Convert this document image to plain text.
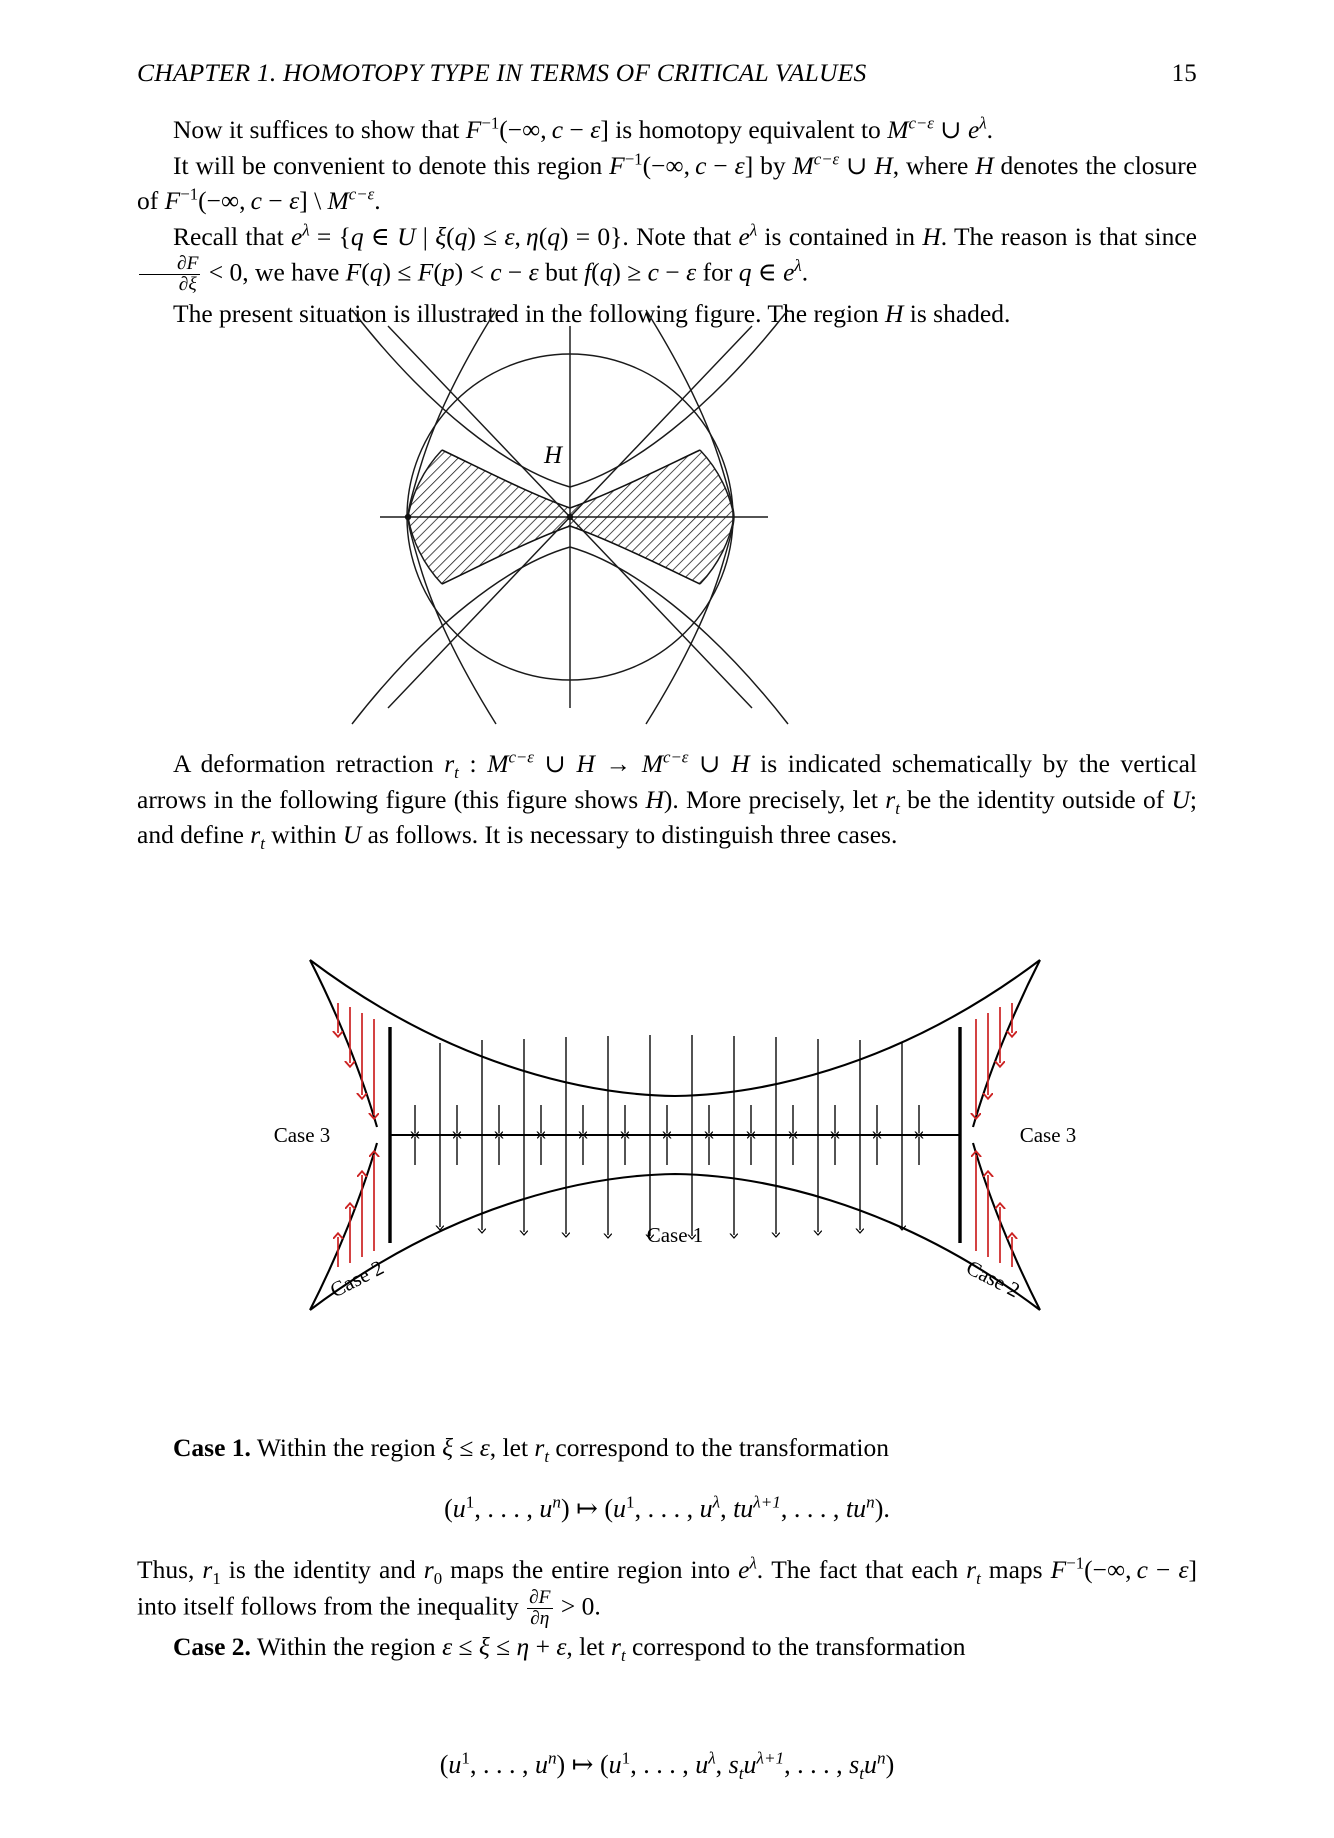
CHAPTER 1. HOMOTOPY TYPE IN TERMS OF CRITICAL VALUES	15

Now it suffices to show that $F^{-1}(-\infty$, c − ε] is homotopy equivalent to $M^{c-\varepsilon}$ ∪ $e^\lambda$.

It will be convenient to denote this region $F^{-1}(-\infty$, c − ε] by $M^{c-\varepsilon}$ ∪ H, where H denotes the closure of $F^{-1}(-\infty$, c − ε] \ $M^{c-\varepsilon}$.

Recall that $e^\lambda = \{q$ ∈ U | ξ(q) ≤ ε, η(q) = 0}. Note that $e^\lambda$ is contained in H. The reason is that since
$\frac{\partial F}{\partial\xi} < 0$, we have F(q) ≤ F(p) < c − ε but f(q) ≥ c − ε for q ∈ $e^\lambda$.

The present situation is illustrated in the following figure. The region H is shaded.

H

A deformation retraction $r_t$ : $M^{c-\varepsilon}$ ∪ $H \to M^{c-\varepsilon}$ ∪ H is indicated schematically by the vertical arrows in the following figure (this figure shows H). More precisely, let $r_t$ be the identity outside of U; and define $r_t$ within U as follows. It is necessary to distinguish three cases.

Case 3	Case 3
Case 1
Case 2	Case 2

Case 1. Within the region ξ ≤ ε, let $r_t$ correspond to the transformation

($u^1$, . . . , $u^n$) ↦ ($u^1$, . . . , $u^\lambda$, $tu^{\lambda+1}$, . . . , $tu^n$).

Thus, $r_1$ is the identity and $r_0$ maps the entire region into $e^\lambda$. The fact that each $r_t$ maps $F^{-1}(-\infty$, c − ε] into itself follows from the inequality $\frac{\partial F}{\partial\eta} > 0$.

Case 2. Within the region ε ≤ ξ ≤ η + ε, let $r_t$ correspond to the transformation

($u^1$, . . . , $u^n$) ↦ ($u^1$, . . . , $u^\lambda$, $s_tu^{\lambda+1}$, . . . , $s_tu^n$)
